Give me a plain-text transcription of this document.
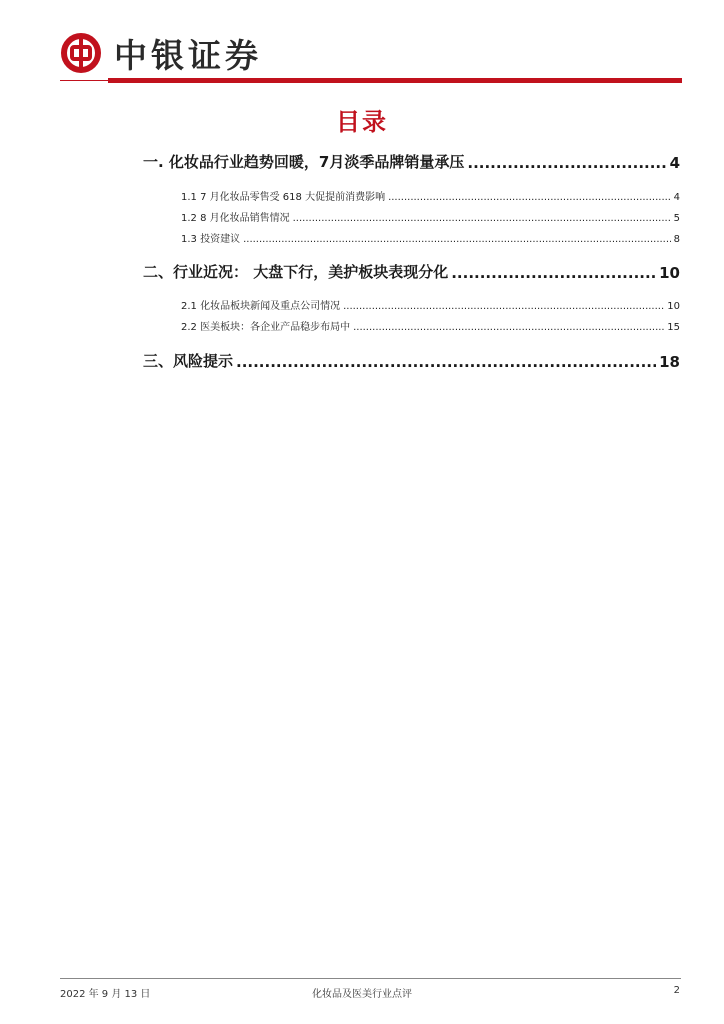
中银证券
目录
一. 化妆品行业趋势回暖，7月淡季品牌销量承压 .....	4
1.1 7 月化妆品零售受 618 大促提前消费影响 .....	4
1.2 8 月化妆品销售情况 .....	5
1.3 投资建议 .....	8
二、行业近况： 大盘下行，美护板块表现分化 .....	10
2.1 化妆品板块新闻及重点公司情况 .....	10
2.2 医美板块：各企业产品稳步布局中 .....	15
三、风险提示 .....	18
2022 年 9 月 13 日	化妆品及医美行业点评	2
